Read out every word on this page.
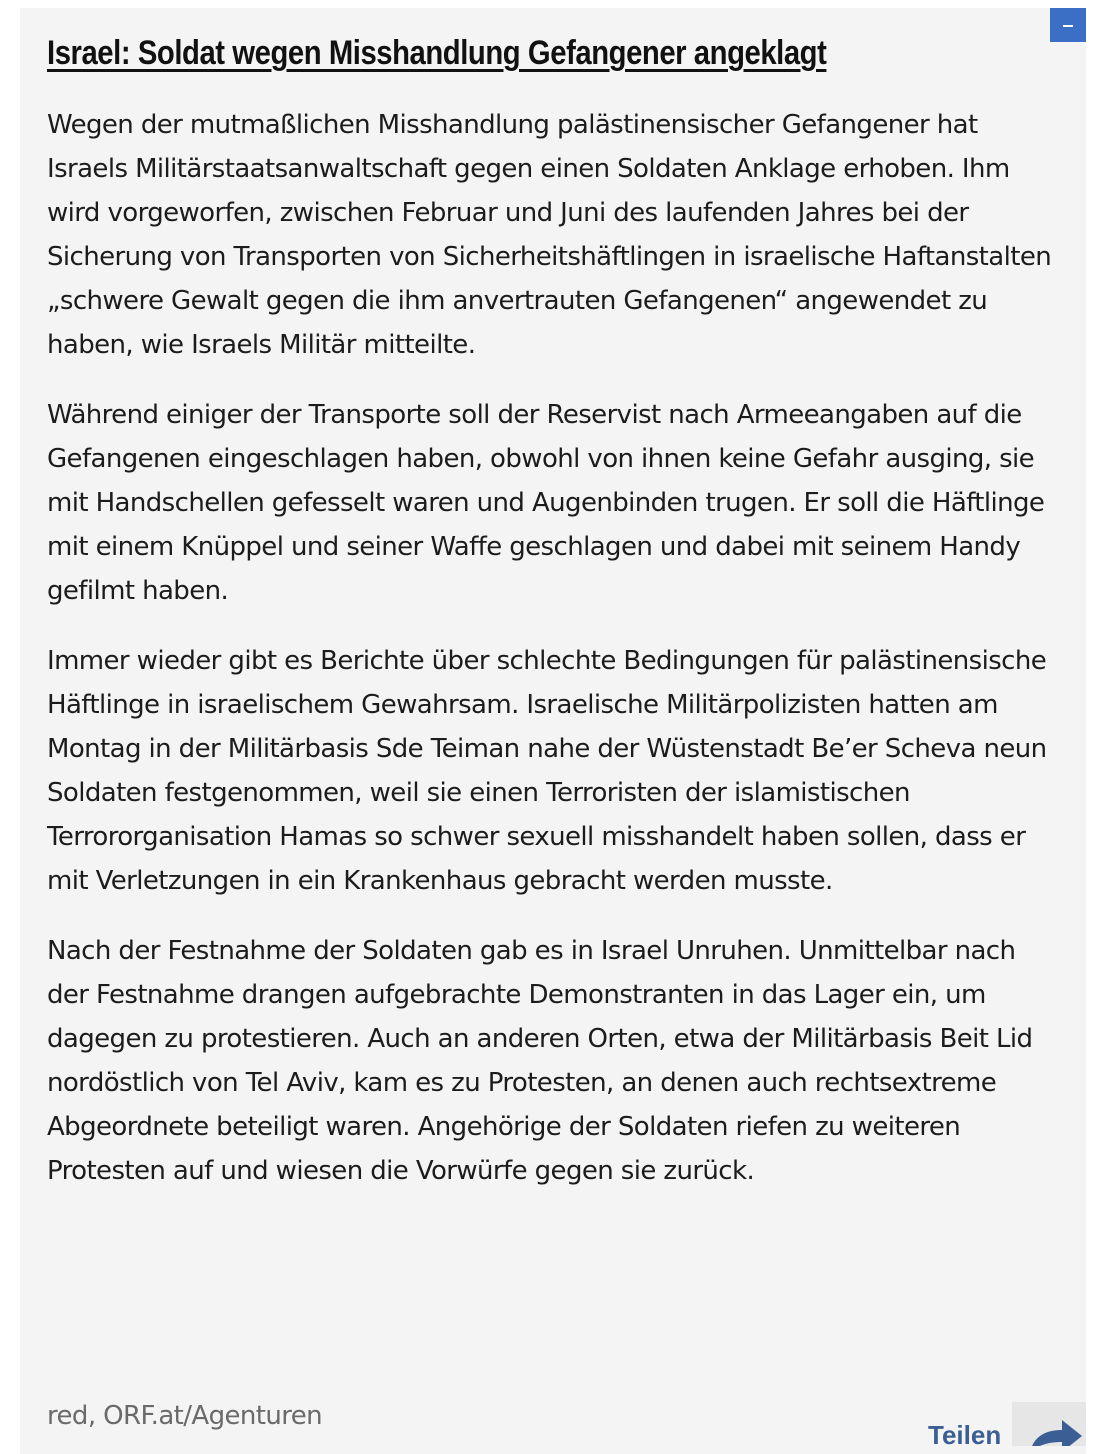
Israel: Soldat wegen Misshandlung Gefangener angeklagt

Wegen der mutmaßlichen Misshandlung palästinensischer Gefangener hat Israels Militärstaatsanwaltschaft gegen einen Soldaten Anklage erhoben. Ihm wird vorgeworfen, zwischen Februar und Juni des laufenden Jahres bei der Sicherung von Transporten von Sicherheitshäftlingen in israelische Haftanstalten „schwere Gewalt gegen die ihm anvertrauten Gefangenen“ angewendet zu haben, wie Israels Militär mitteilte.

Während einiger der Transporte soll der Reservist nach Armeeangaben auf die Gefangenen eingeschlagen haben, obwohl von ihnen keine Gefahr ausging, sie mit Handschellen gefesselt waren und Augenbinden trugen. Er soll die Häftlinge mit einem Knüppel und seiner Waffe geschlagen und dabei mit seinem Handy gefilmt haben.

Immer wieder gibt es Berichte über schlechte Bedingungen für palästinensische Häftlinge in israelischem Gewahrsam. Israelische Militärpolizisten hatten am Montag in der Militärbasis Sde Teiman nahe der Wüstenstadt Be’er Scheva neun Soldaten festgenommen, weil sie einen Terroristen der islamistischen Terrororganisation Hamas so schwer sexuell misshandelt haben sollen, dass er mit Verletzungen in ein Krankenhaus gebracht werden musste.

Nach der Festnahme der Soldaten gab es in Israel Unruhen. Unmittelbar nach der Festnahme drangen aufgebrachte Demonstranten in das Lager ein, um dagegen zu protestieren. Auch an anderen Orten, etwa der Militärbasis Beit Lid nordöstlich von Tel Aviv, kam es zu Protesten, an denen auch rechtsextreme Abgeordnete beteiligt waren. Angehörige der Soldaten riefen zu weiteren Protesten auf und wiesen die Vorwürfe gegen sie zurück.

red, ORF.at/Agenturen

Teilen
